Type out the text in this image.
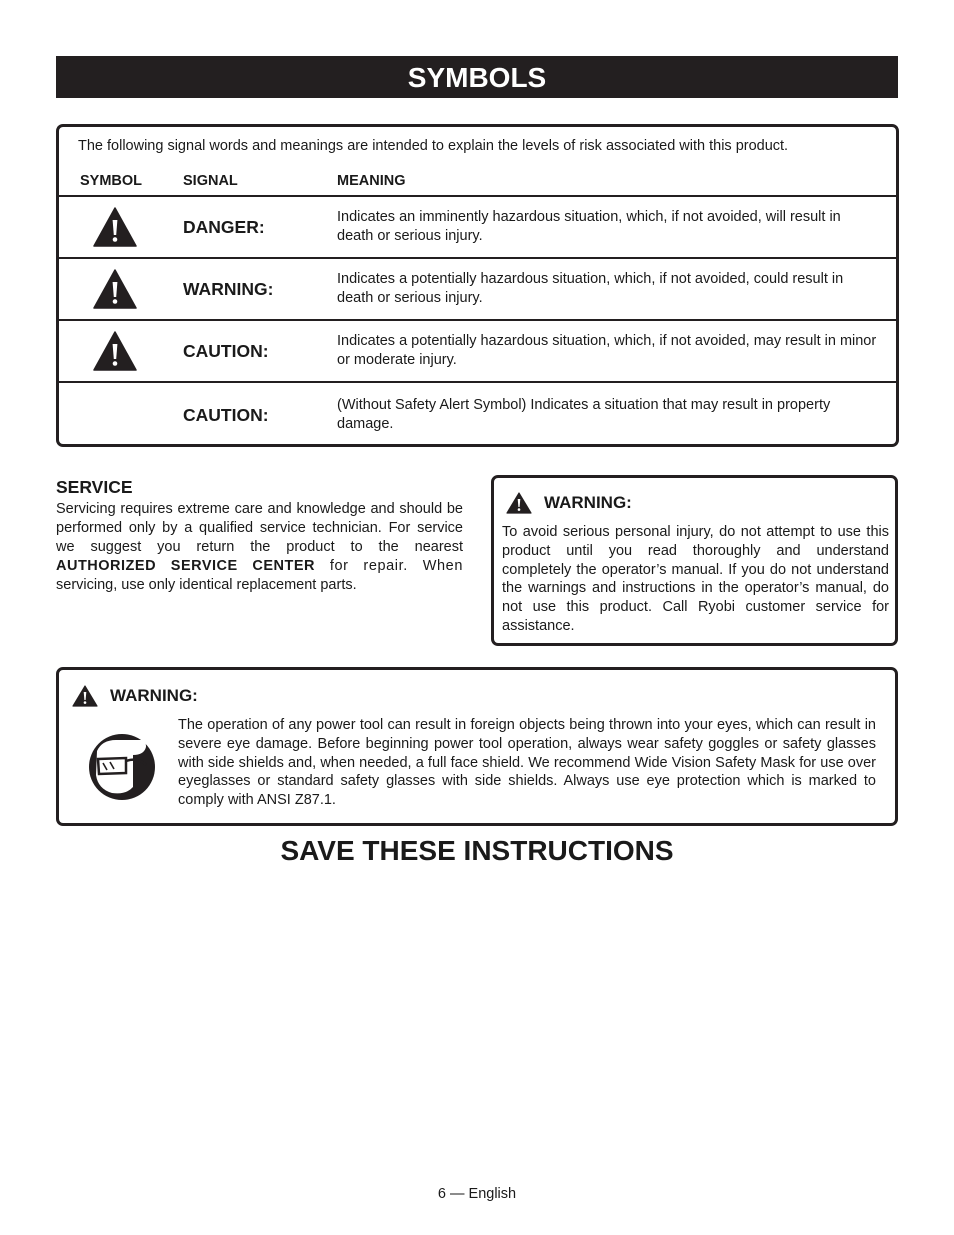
SYMBOLS
The following signal words and meanings are intended to explain the levels of risk associated with this product.
SYMBOL	SIGNAL	MEANING
DANGER:	Indicates an imminently hazardous situation, which, if not avoided, will result in death or serious injury.
WARNING:	Indicates a potentially hazardous situation, which, if not avoided, could result in death or serious injury.
CAUTION:	Indicates a potentially hazardous situation, which, if not avoided, may result in minor or moderate injury.
CAUTION:	(Without Safety Alert Symbol) Indicates a situation that may result in property damage.
SERVICE
Servicing requires extreme care and knowledge and should be performed only by a qualified service technician. For service we suggest you return the product to the nearest AUTHORIZED SERVICE CENTER for repair. When servicing, use only identical replacement parts.
WARNING:
To avoid serious personal injury, do not attempt to use this product until you read thoroughly and understand completely the operator’s manual. If you do not understand the warnings and instructions in the operator’s manual, do not use this product. Call Ryobi customer service for assistance.
WARNING:
The operation of any power tool can result in foreign objects being thrown into your eyes, which can result in severe eye damage. Before beginning power tool operation, always wear safety goggles or safety glasses with side shields and, when needed, a full face shield. We recommend Wide Vision Safety Mask for use over eyeglasses or standard safety glasses with side shields. Always use eye protection which is marked to comply with ANSI Z87.1.
SAVE THESE INSTRUCTIONS
6 — English
